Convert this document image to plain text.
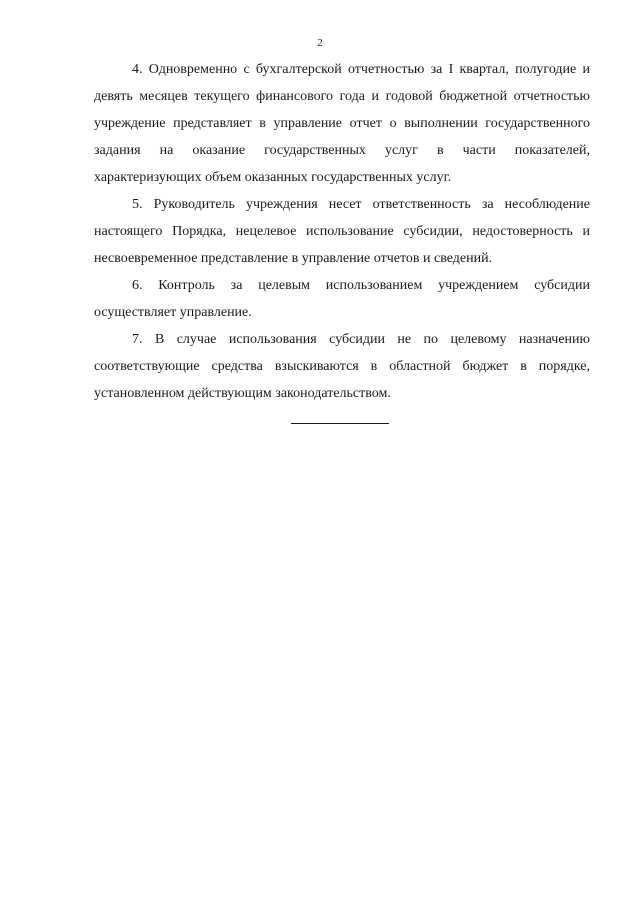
2

4. Одновременно с бухгалтерской отчетностью за I квартал, полугодие и девять месяцев текущего финансового года и годовой бюджетной отчетностью учреждение представляет в управление отчет о выполнении государственного задания на оказание государственных услуг в части показателей, характеризующих объем оказанных государственных услуг.

5. Руководитель учреждения несет ответственность за несоблюдение настоящего Порядка, нецелевое использование субсидии, недостоверность и несвоевременное представление в управление отчетов и сведений.

6. Контроль за целевым использованием учреждением субсидии осуществляет управление.

7. В случае использования субсидии не по целевому назначению соответствующие средства взыскиваются в областной бюджет в порядке, установленном действующим законодательством.
